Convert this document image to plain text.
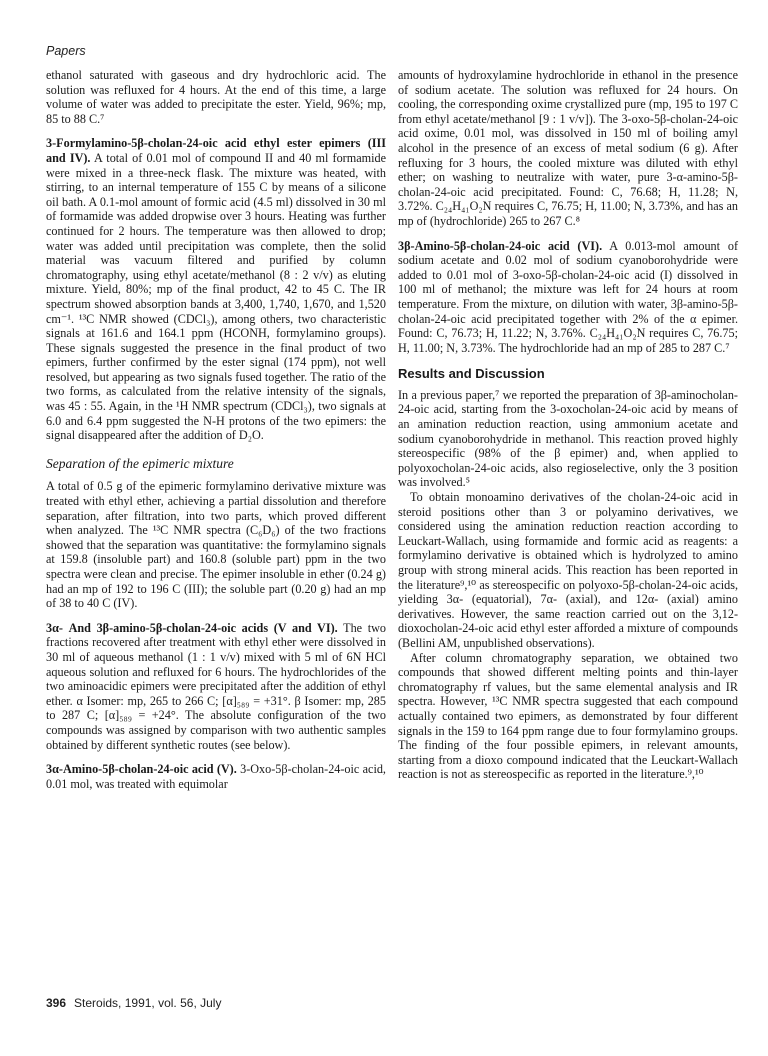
Papers

ethanol saturated with gaseous and dry hydrochloric acid. The solution was refluxed for 4 hours. At the end of this time, a large volume of water was added to precipitate the ester. Yield, 96%; mp, 85 to 88 C.⁷

3-Formylamino-5β-cholan-24-oic acid ethyl ester epimers (III and IV). A total of 0.01 mol of compound II and 40 ml formamide were mixed in a three-neck flask. The mixture was heated, with stirring, to an internal temperature of 155 C by means of a silicone oil bath. A 0.1-mol amount of formic acid (4.5 ml) dissolved in 30 ml of formamide was added dropwise over 3 hours. Heating was further continued for 2 hours. The temperature was then allowed to drop; water was added until precipitation was complete, then the solid material was vacuum filtered and purified by column chromatography, using ethyl acetate/methanol (8 : 2 v/v) as eluting mixture. Yield, 80%; mp of the final product, 42 to 45 C. The IR spectrum showed absorption bands at 3,400, 1,740, 1,670, and 1,520 cm⁻¹. ¹³C NMR showed (CDCl₃), among others, two characteristic signals at 161.6 and 164.1 ppm (HCONH, formylamino groups). These signals suggested the presence in the final product of two epimers, further confirmed by the ester signal (174 ppm), not well resolved, but appearing as two signals fused together. The ratio of the two forms, as calculated from the relative intensity of the signals, was 45 : 55. Again, in the ¹H NMR spectrum (CDCl₃), two signals at 6.0 and 6.4 ppm suggested the N-H protons of the two epimers: the signal disappeared after the addition of D₂O.

Separation of the epimeric mixture

A total of 0.5 g of the epimeric formylamino derivative mixture was treated with ethyl ether, achieving a partial dissolution and therefore separation, after filtration, into two parts, which proved different when analyzed. The ¹³C NMR spectra (C₆D₆) of the two fractions showed that the separation was quantitative: the formylamino signals at 159.8 (insoluble part) and 160.8 (soluble part) ppm in the two spectra were clean and precise. The epimer insoluble in ether (0.24 g) had an mp of 192 to 196 C (III); the soluble part (0.20 g) had an mp of 38 to 40 C (IV).

3α- And 3β-amino-5β-cholan-24-oic acids (V and VI). The two fractions recovered after treatment with ethyl ether were dissolved in 30 ml of aqueous methanol (1 : 1 v/v) mixed with 5 ml of 6N HCl aqueous solution and refluxed for 6 hours. The hydrochlorides of the two aminoacidic epimers were precipitated after the addition of ethyl ether. α Isomer: mp, 265 to 266 C; [α]₅₈₉ = +31°. β Isomer: mp, 285 to 287 C; [α]₅₈₉ = +24°. The absolute configuration of the two compounds was assigned by comparison with two authentic samples obtained by different synthetic routes (see below).

3α-Amino-5β-cholan-24-oic acid (V). 3-Oxo-5β-cholan-24-oic acid, 0.01 mol, was treated with equimolar

amounts of hydroxylamine hydrochloride in ethanol in the presence of sodium acetate. The solution was refluxed for 24 hours. On cooling, the corresponding oxime crystallized pure (mp, 195 to 197 C from ethyl acetate/methanol [9 : 1 v/v]). The 3-oxo-5β-cholan-24-oic acid oxime, 0.01 mol, was dissolved in 150 ml of boiling amyl alcohol in the presence of an excess of metal sodium (6 g). After refluxing for 3 hours, the cooled mixture was diluted with ethyl ether; on washing to neutralize with water, pure 3-α-amino-5β-cholan-24-oic acid precipitated. Found: C, 76.68; H, 11.28; N, 3.72%. C₂₄H₄₁O₂N requires C, 76.75; H, 11.00; N, 3.73%, and has an mp of (hydrochloride) 265 to 267 C.⁸

3β-Amino-5β-cholan-24-oic acid (VI). A 0.013-mol amount of sodium acetate and 0.02 mol of sodium cyanoborohydride were added to 0.01 mol of 3-oxo-5β-cholan-24-oic acid (I) dissolved in 100 ml of methanol; the mixture was left for 24 hours at room temperature. From the mixture, on dilution with water, 3β-amino-5β-cholan-24-oic acid precipitated together with 2% of the α epimer. Found: C, 76.73; H, 11.22; N, 3.76%. C₂₄H₄₁O₂N requires C, 76.75; H, 11.00; N, 3.73%. The hydrochloride had an mp of 285 to 287 C.⁷

Results and Discussion

In a previous paper,⁷ we reported the preparation of 3β-aminocholan-24-oic acid, starting from the 3-oxocholan-24-oic acid by means of an amination reduction reaction, using ammonium acetate and sodium cyanoborohydride in methanol. This reaction proved highly stereospecific (98% of the β epimer) and, when applied to polyoxocholan-24-oic acids, also regioselective, only the 3 position was involved.⁵

To obtain monoamino derivatives of the cholan-24-oic acid in steroid positions other than 3 or polyamino derivatives, we considered using the amination reduction reaction according to Leuckart-Wallach, using formamide and formic acid as reagents: a formylamino derivative is obtained which is hydrolyzed to amino group with strong mineral acids. This reaction has been reported in the literature⁹,¹⁰ as stereospecific on polyoxo-5β-cholan-24-oic acids, yielding 3α- (equatorial), 7α- (axial), and 12α- (axial) amino derivatives. However, the same reaction carried out on the 3,12-dioxocholan-24-oic acid ethyl ester afforded a mixture of compounds (Bellini AM, unpublished observations).

After column chromatography separation, we obtained two compounds that showed different melting points and thin-layer chromatography rf values, but the same elemental analysis and IR spectra. However, ¹³C NMR spectra suggested that each compound actually contained two epimers, as demonstrated by four different signals in the 159 to 164 ppm range due to four formylamino groups. The finding of the four possible epimers, in relevant amounts, starting from a dioxo compound indicated that the Leuckart-Wallach reaction is not as stereospecific as reported in the literature.⁹,¹⁰

396 Steroids, 1991, vol. 56, July
